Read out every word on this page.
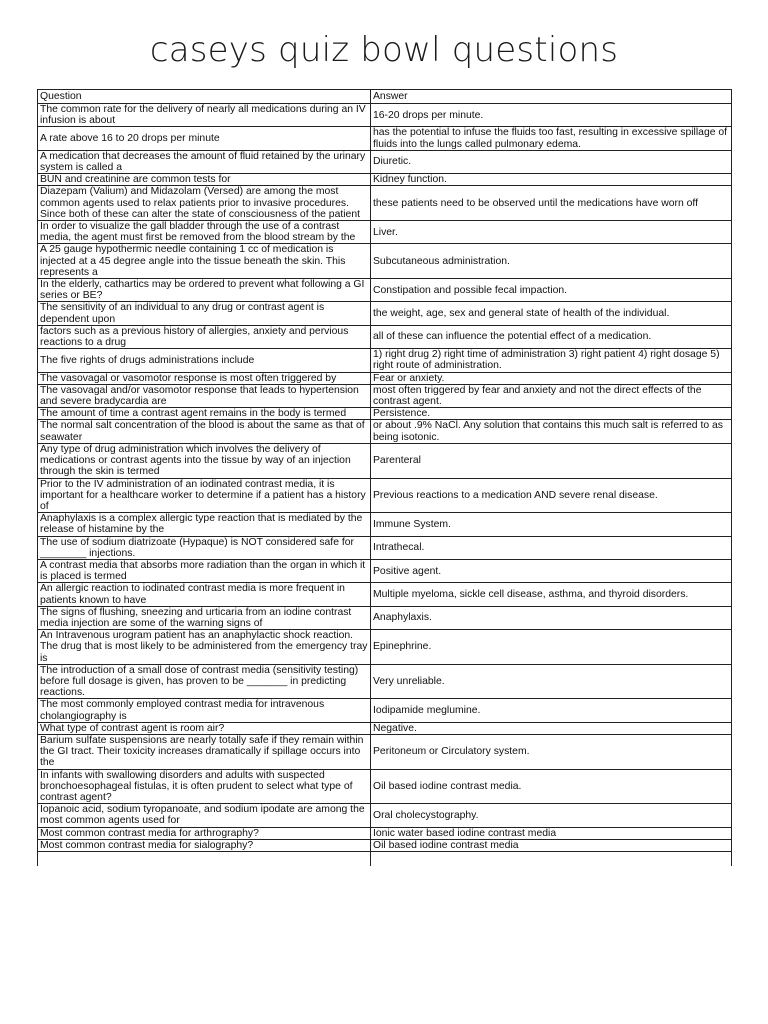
caseys quiz bowl questions
Question	Answer
The common rate for the delivery of nearly all medications during an IV infusion is about	16-20 drops per minute.
A rate above 16 to 20 drops per minute	has the potential to infuse the fluids too fast, resulting in excessive spillage of fluids into the lungs called pulmonary edema.
A medication that decreases the amount of fluid retained by the urinary system is called a	Diuretic.
BUN and creatinine are common tests for	Kidney function.
Diazepam (Valium) and Midazolam (Versed) are among the most common agents used to relax patients prior to invasive procedures. Since both of these can alter the state of consciousness of the patient	these patients need to be observed until the medications have worn off
In order to visualize the gall bladder through the use of a contrast media, the agent must first be removed from the blood stream by the	Liver.
A 25 gauge hypothermic needle containing 1 cc of medication is injected at a 45 degree angle into the tissue beneath the skin. This represents a	Subcutaneous administration.
In the elderly, cathartics may be ordered to prevent what following a GI series or BE?	Constipation and possible fecal impaction.
The sensitivity of an individual to any drug or contrast agent is dependent upon	the weight, age, sex and general state of health of the individual.
factors such as a previous history of allergies, anxiety and pervious reactions to a drug	all of these can influence the potential effect of a medication.
The five rights of drugs administrations include	1) right drug 2) right time of administration 3) right patient 4) right dosage 5) right route of administration.
The vasovagal or vasomotor response is most often triggered by	Fear or anxiety.
The vasovagal and/or vasomotor response that leads to hypertension and severe bradycardia are	most often triggered by fear and anxiety and not the direct effects of the contrast agent.
The amount of time a contrast agent remains in the body is termed	Persistence.
The normal salt concentration of the blood is about the same as that of seawater	or about .9% NaCl. Any solution that contains this much salt is referred to as being isotonic.
Any type of drug administration which involves the delivery of medications or contrast agents into the tissue by way of an injection through the skin is termed	Parenteral
Prior to the IV administration of an iodinated contrast media, it is important for a healthcare worker to determine if a patient has a history of	Previous reactions to a medication AND severe renal disease.
Anaphylaxis is a complex allergic type reaction that is mediated by the release of histamine by the	Immune System.
The use of sodium diatrizoate (Hypaque) is NOT considered safe for ________ injections.	Intrathecal.
A contrast media that absorbs more radiation than the organ in which it is placed is termed	Positive agent.
An allergic reaction to iodinated contrast media is more frequent in patients known to have	Multiple myeloma, sickle cell disease, asthma, and thyroid disorders.
The signs of flushing, sneezing and urticaria from an iodine contrast media injection are some of the warning signs of	Anaphylaxis.
An Intravenous urogram patient has an anaphylactic shock reaction. The drug that is most likely to be administered from the emergency tray is	Epinephrine.
The introduction of a small dose of contrast media (sensitivity testing) before full dosage is given, has proven to be _______ in predicting reactions.	Very unreliable.
The most commonly employed contrast media for intravenous cholangiography is	Iodipamide meglumine.
What type of contrast agent is room air?	Negative.
Barium sulfate suspensions are nearly totally safe if they remain within the GI tract. Their toxicity increases dramatically if spillage occurs into the	Peritoneum or Circulatory system.
In infants with swallowing disorders and adults with suspected bronchoesophageal fistulas, it is often prudent to select what type of contrast agent?	Oil based iodine contrast media.
Iopanoic acid, sodium tyropanoate, and sodium ipodate are among the most common agents used for	Oral cholecystography.
Most common contrast media for arthrography?	Ionic water based iodine contrast media
Most common contrast media for sialography?	Oil based iodine contrast media
